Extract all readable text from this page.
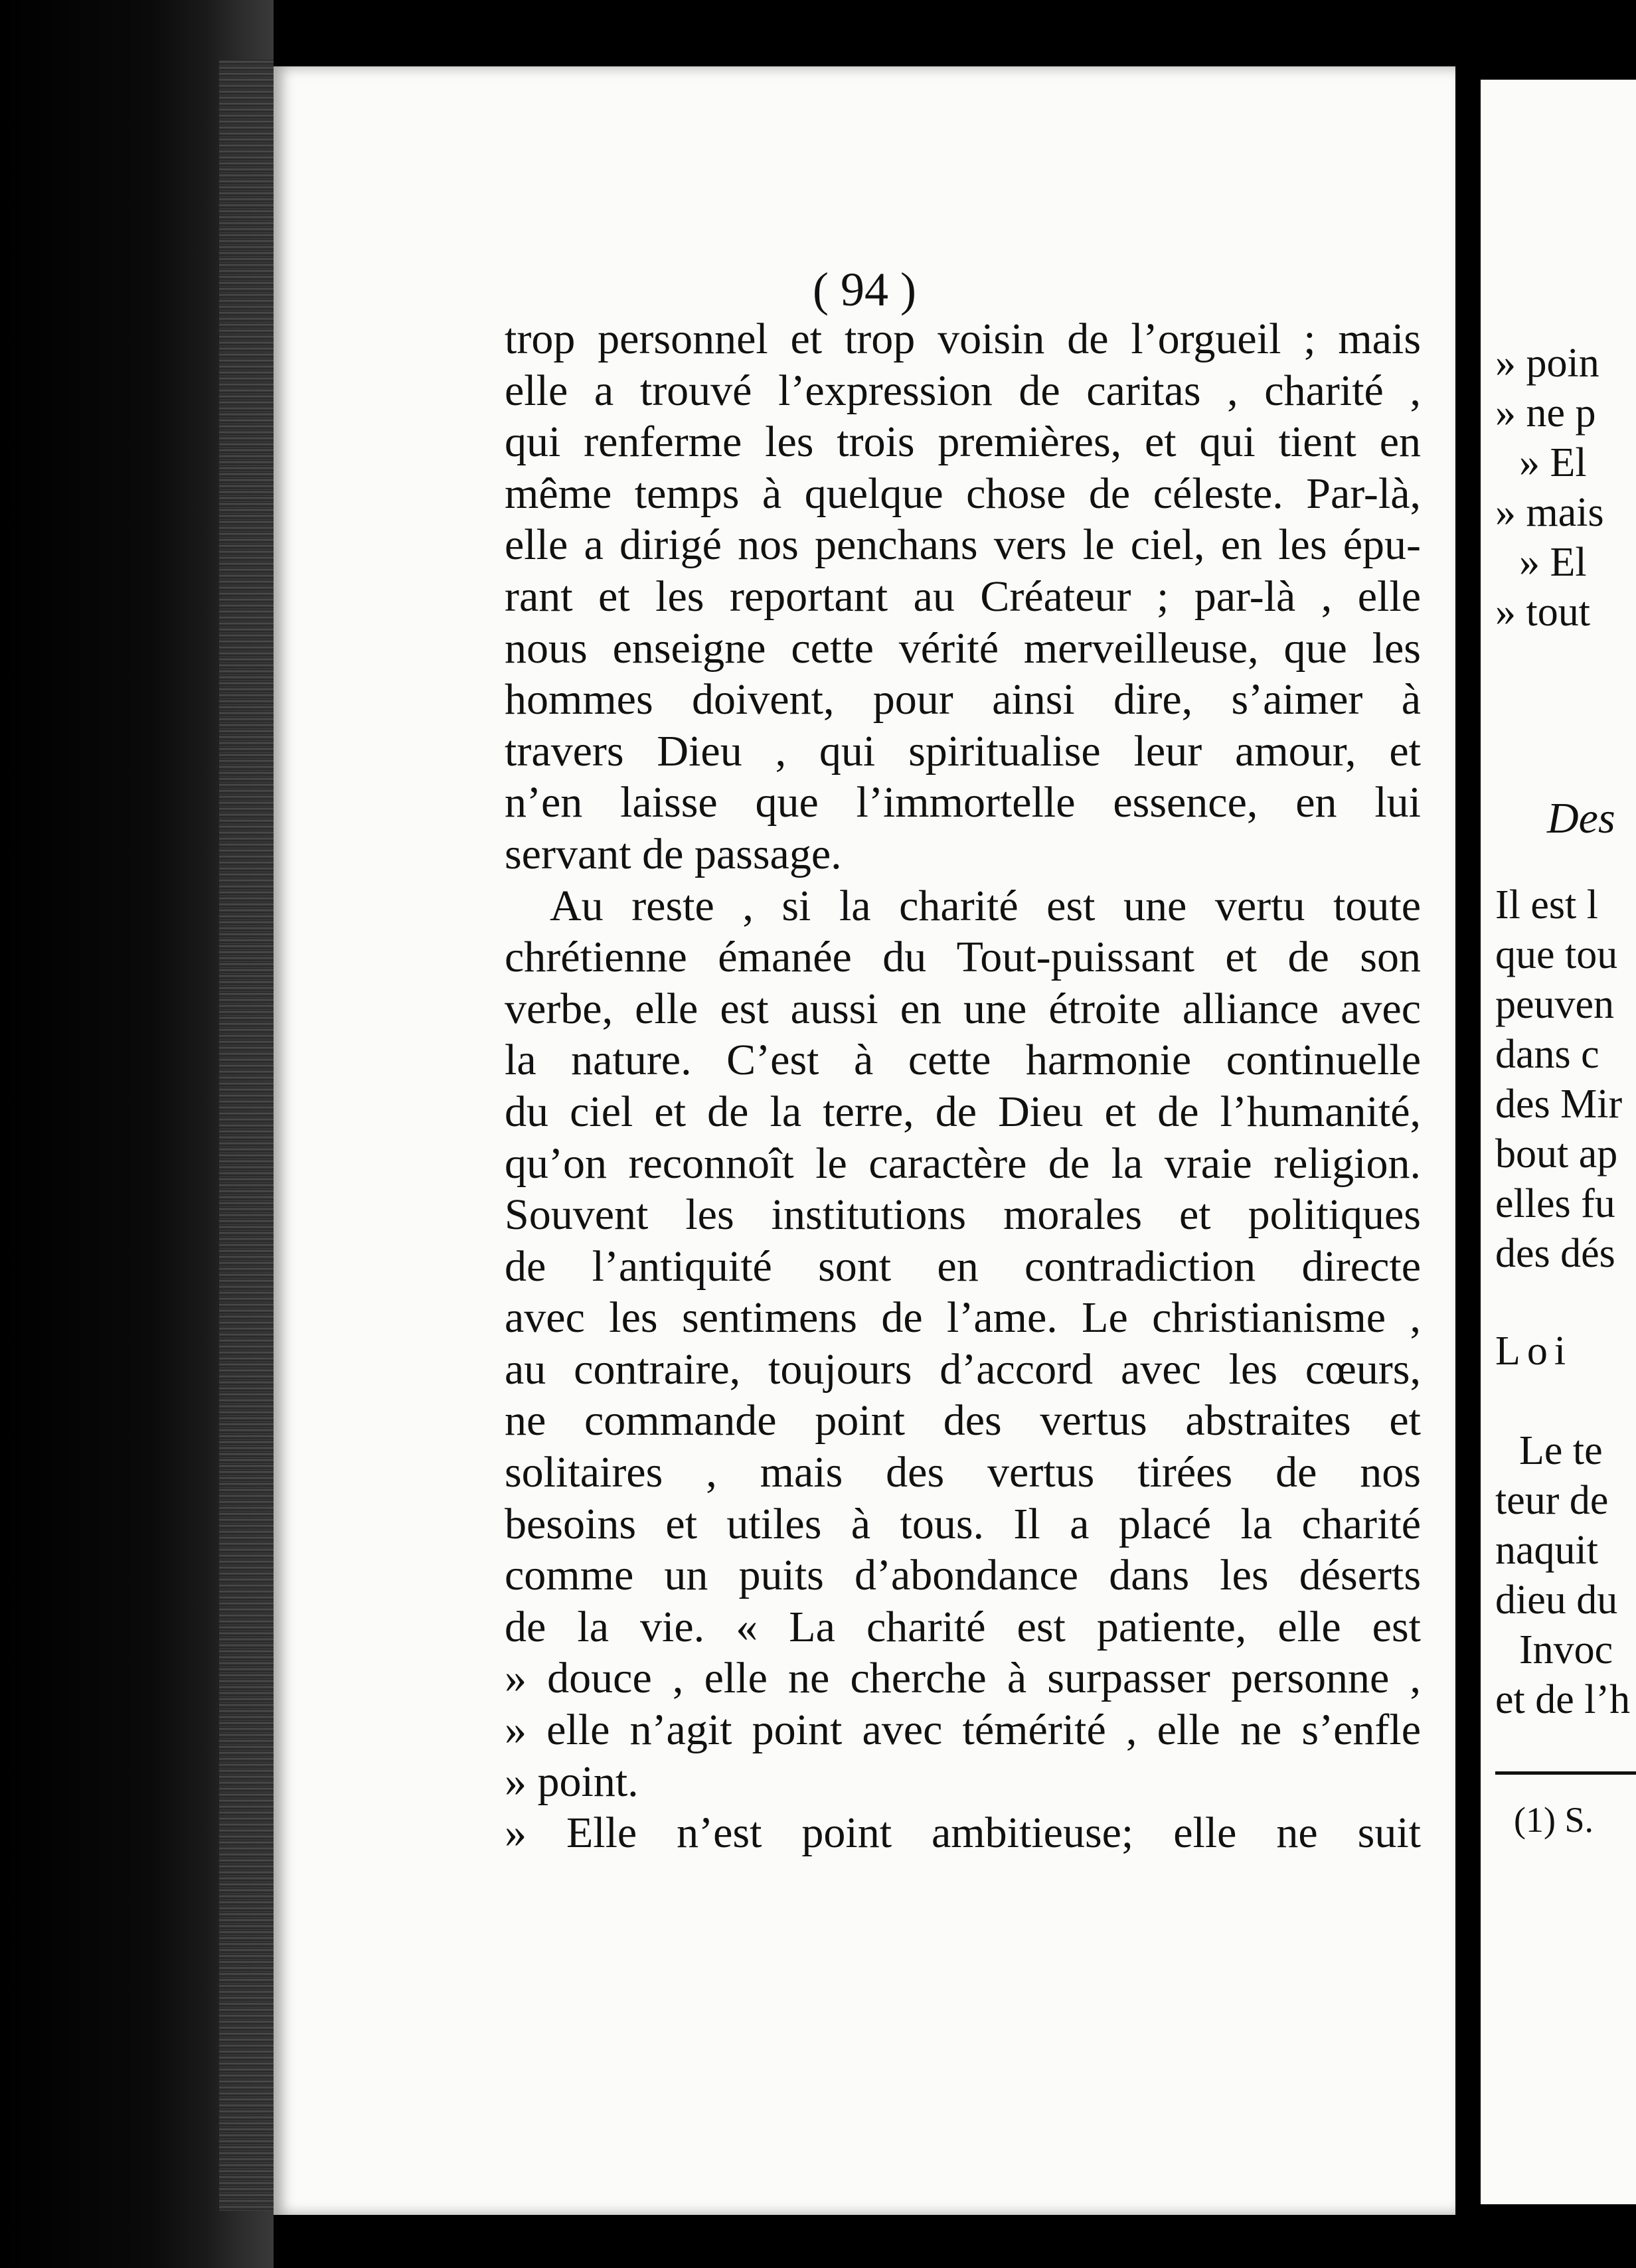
( 94 )
trop personnel et trop voisin de l’orgueil ; mais
elle a trouvé l’expression de caritas , charité ,
qui renferme les trois premières, et qui tient en
même temps à quelque chose de céleste. Par-là,
elle a dirigé nos penchans vers le ciel, en les épu-
rant et les reportant au Créateur ; par-là , elle
nous enseigne cette vérité merveilleuse, que les
hommes doivent, pour ainsi dire, s’aimer à
travers Dieu , qui spiritualise leur amour, et
n’en laisse que l’immortelle essence, en lui
servant de passage.
Au reste , si la charité est une vertu toute
chrétienne émanée du Tout-puissant et de son
verbe, elle est aussi en une étroite alliance avec
la nature. C’est à cette harmonie continuelle
du ciel et de la terre, de Dieu et de l’humanité,
qu’on reconnoît le caractère de la vraie religion.
Souvent les institutions morales et politiques
de l’antiquité sont en contradiction directe
avec les sentimens de l’ame. Le christianisme ,
au contraire, toujours d’accord avec les cœurs,
ne commande point des vertus abstraites et
solitaires , mais des vertus tirées de nos
besoins et utiles à tous. Il a placé la charité
comme un puits d’abondance dans les déserts
de la vie. « La charité est patiente, elle est
» douce , elle ne cherche à surpasser personne ,
» elle n’agit point avec témérité , elle ne s’enfle
» point.
» Elle n’est point ambitieuse; elle ne suit
» poin
» ne p
» El
» mais
» El
» tout
Des
Il est l
que tou
peuven
dans c
des Mir
bout ap
elles fu
des dés
Loi
Le te
teur de
naquit
dieu du
Invoc
et de l’h
(1) S.
